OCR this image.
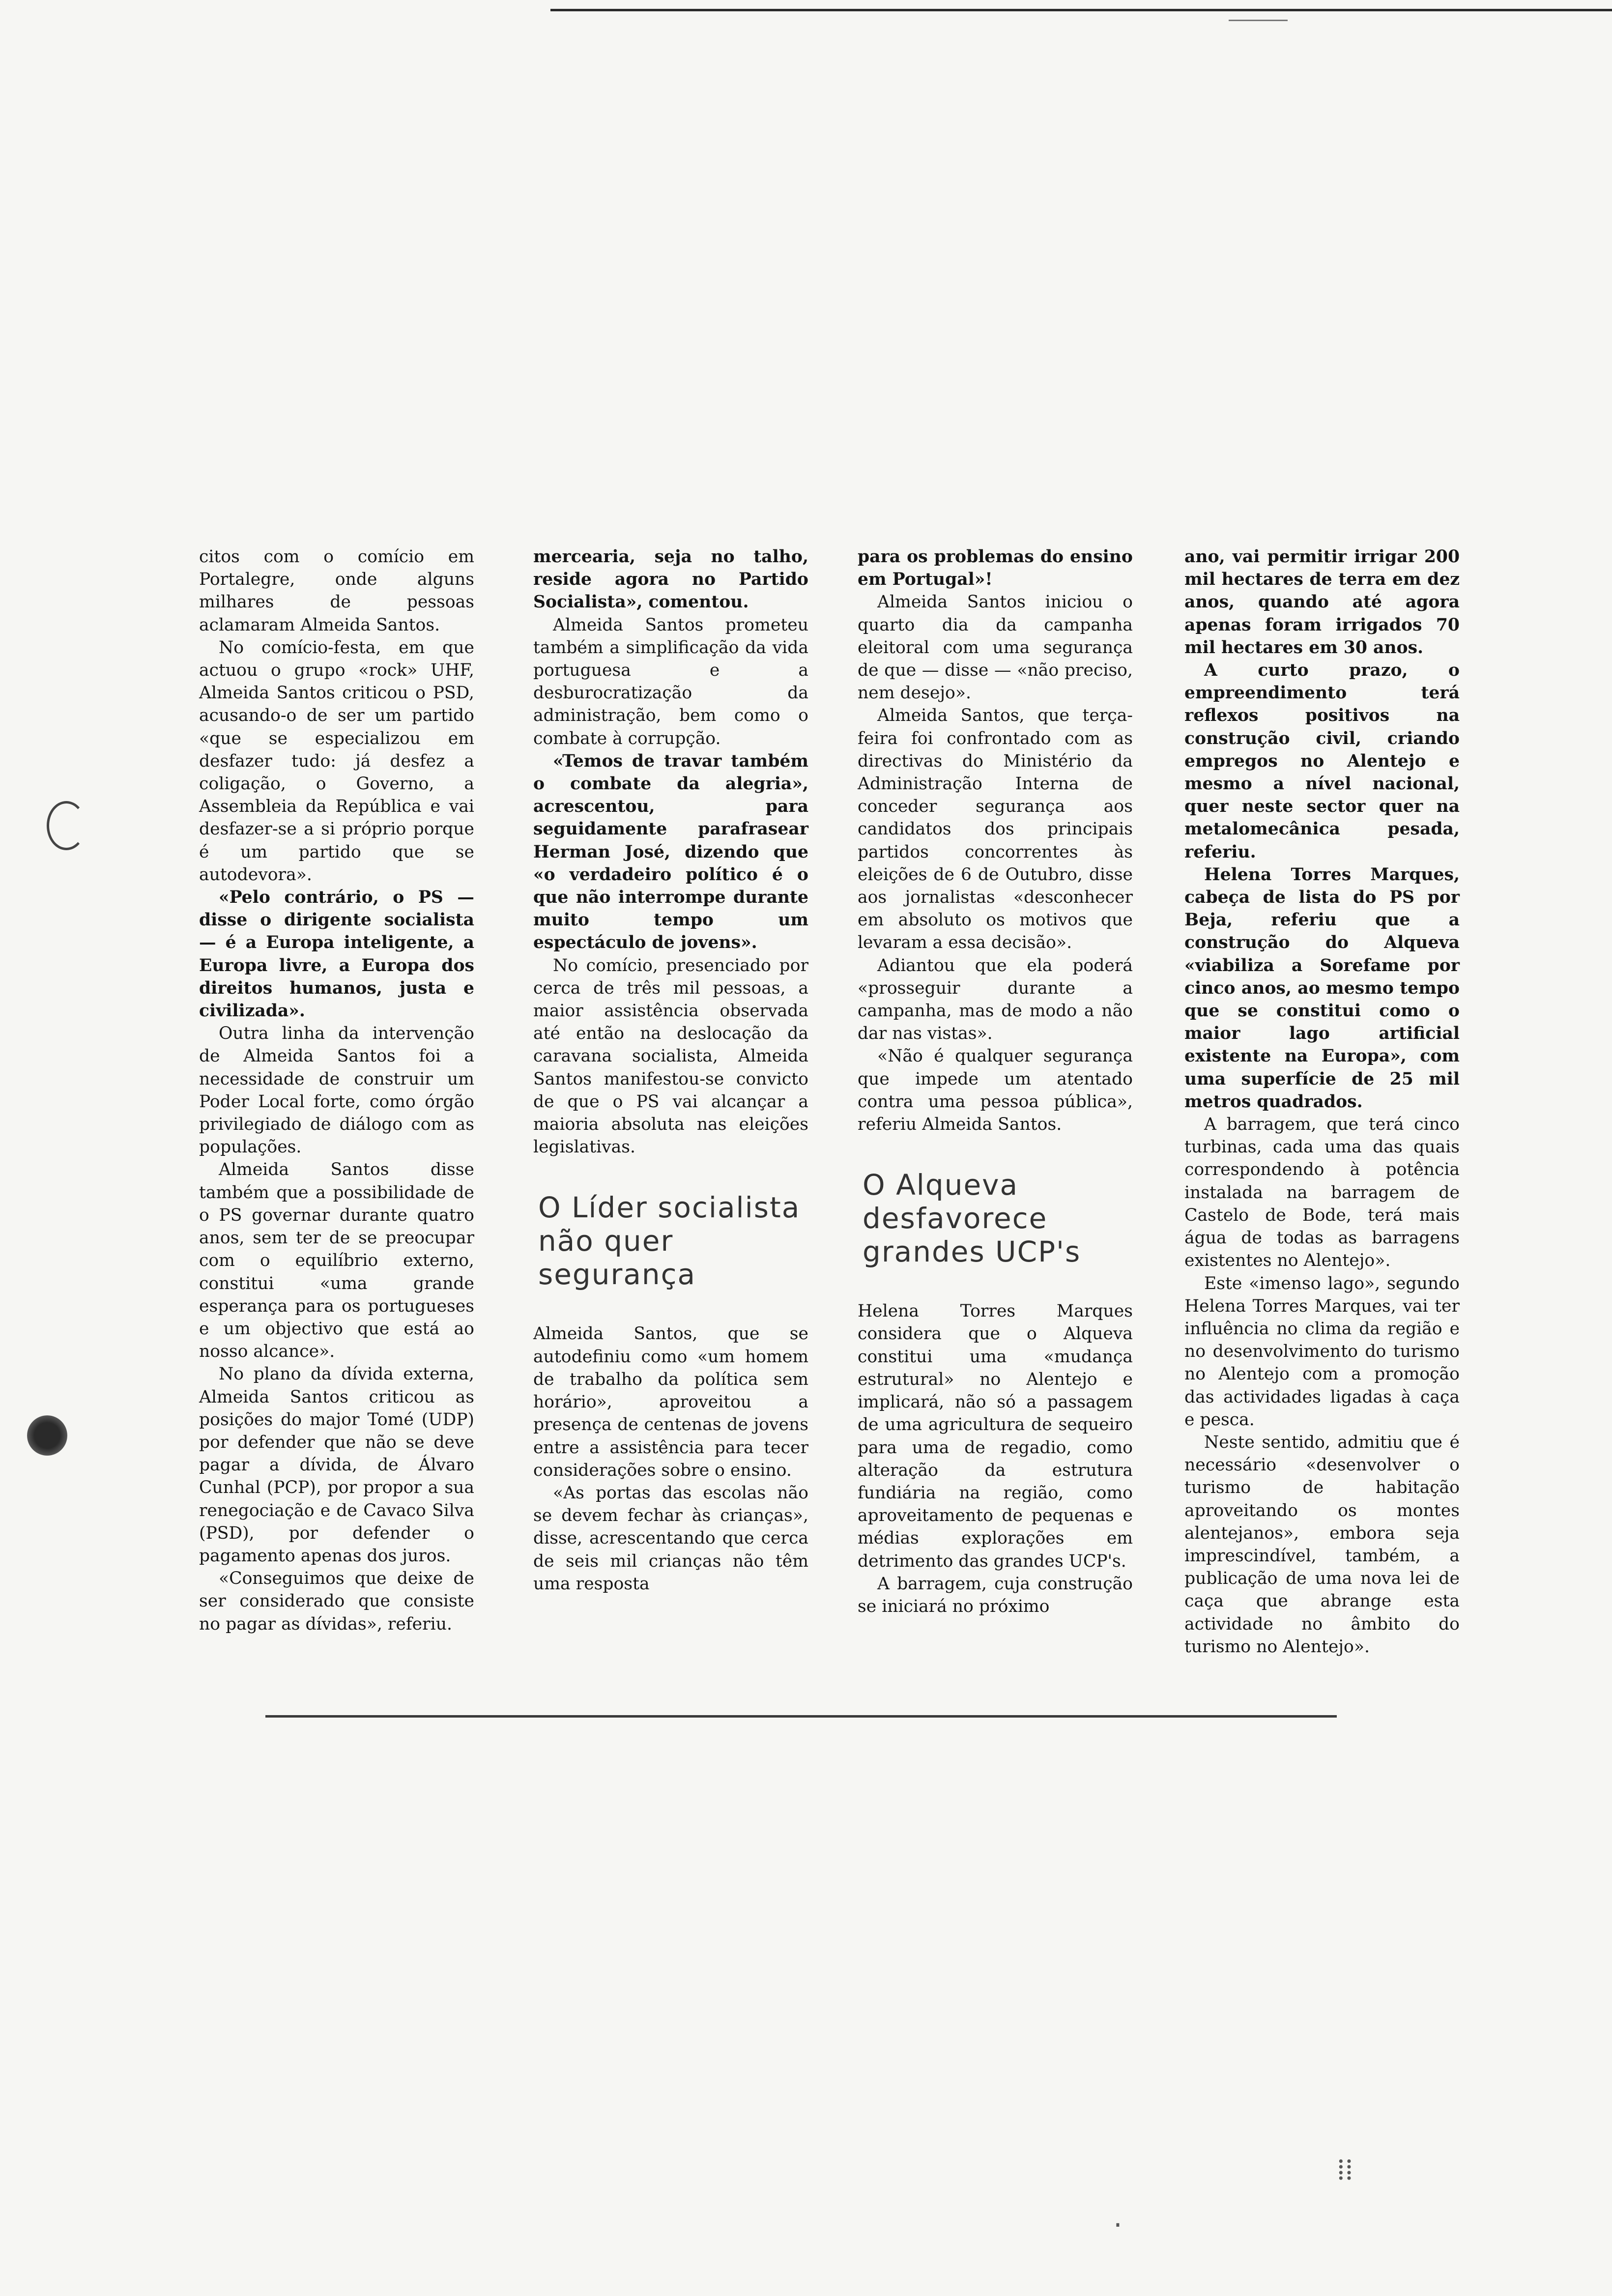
citos com o comício em Portalegre, onde alguns milhares de pessoas aclamaram Almeida Santos.

No comício-festa, em que actuou o grupo «rock» UHF, Almeida Santos criticou o PSD, acusando-o de ser um partido «que se especializou em desfazer tudo: já desfez a coligação, o Governo, a Assembleia da República e vai desfazer-se a si próprio porque é um partido que se autodevora».

«Pelo contrário, o PS — disse o dirigente socialista — é a Europa inteligente, a Europa livre, a Europa dos direitos humanos, justa e civilizada».

Outra linha da intervenção de Almeida Santos foi a necessidade de construir um Poder Local forte, como órgão privilegiado de diálogo com as populações.

Almeida Santos disse também que a possibilidade de o PS governar durante quatro anos, sem ter de se preocupar com o equilíbrio externo, constitui «uma grande esperança para os portugueses e um objectivo que está ao nosso alcance».

No plano da dívida externa, Almeida Santos criticou as posições do major Tomé (UDP) por defender que não se deve pagar a dívida, de Álvaro Cunhal (PCP), por propor a sua renegociação e de Cavaco Silva (PSD), por defender o pagamento apenas dos juros.

«Conseguimos que deixe de ser considerado que consiste no pagar as dívidas», referiu.

mercearia, seja no talho, reside agora no Partido Socialista», comentou.

Almeida Santos prometeu também a simplificação da vida portuguesa e a desburocratização da administração, bem como o combate à corrupção.

«Temos de travar também o combate da alegria», acrescentou, para seguidamente parafrasear Herman José, dizendo que «o verdadeiro político é o que não interrompe durante muito tempo um espectáculo de jovens».

No comício, presenciado por cerca de três mil pessoas, a maior assistência observada até então na deslocação da caravana socialista, Almeida Santos manifestou-se convicto de que o PS vai alcançar a maioria absoluta nas eleições legislativas.

O Líder socialista não quer segurança

Almeida Santos, que se autodefiniu como «um homem de trabalho da política sem horário», aproveitou a presença de centenas de jovens entre a assistência para tecer considerações sobre o ensino.

«As portas das escolas não se devem fechar às crianças», disse, acrescentando que cerca de seis mil crianças não têm uma resposta

para os problemas do ensino em Portugal»!

Almeida Santos iniciou o quarto dia da campanha eleitoral com uma segurança de que — disse — «não preciso, nem desejo».

Almeida Santos, que terça-feira foi confrontado com as directivas do Ministério da Administração Interna de conceder segurança aos candidatos dos principais partidos concorrentes às eleições de 6 de Outubro, disse aos jornalistas «desconhecer em absoluto os motivos que levaram a essa decisão».

Adiantou que ela poderá «prosseguir durante a campanha, mas de modo a não dar nas vistas».

«Não é qualquer segurança que impede um atentado contra uma pessoa pública», referiu Almeida Santos.

O Alqueva desfavorece grandes UCP's

Helena Torres Marques considera que o Alqueva constitui uma «mudança estrutural» no Alentejo e implicará, não só a passagem de uma agricultura de sequeiro para uma de regadio, como alteração da estrutura fundiária na região, como aproveitamento de pequenas e médias explorações em detrimento das grandes UCP's.

A barragem, cuja construção se iniciará no próximo

ano, vai permitir irrigar 200 mil hectares de terra em dez anos, quando até agora apenas foram irrigados 70 mil hectares em 30 anos.

A curto prazo, o empreendimento terá reflexos positivos na construção civil, criando empregos no Alentejo e mesmo a nível nacional, quer neste sector quer na metalomecânica pesada, referiu.

Helena Torres Marques, cabeça de lista do PS por Beja, referiu que a construção do Alqueva «viabiliza a Sorefame por cinco anos, ao mesmo tempo que se constitui como o maior lago artificial existente na Europa», com uma superfície de 25 mil metros quadrados.

A barragem, que terá cinco turbinas, cada uma das quais correspondendo à potência instalada na barragem de Castelo de Bode, terá mais água de todas as barragens existentes no Alentejo».

Este «imenso lago», segundo Helena Torres Marques, vai ter influência no clima da região e no desenvolvimento do turismo no Alentejo com a promoção das actividades ligadas à caça e pesca.

Neste sentido, admitiu que é necessário «desenvolver o turismo de habitação aproveitando os montes alentejanos», embora seja imprescindível, também, a publicação de uma nova lei de caça que abrange esta actividade no âmbito do turismo no Alentejo».

⁞⁞
·
